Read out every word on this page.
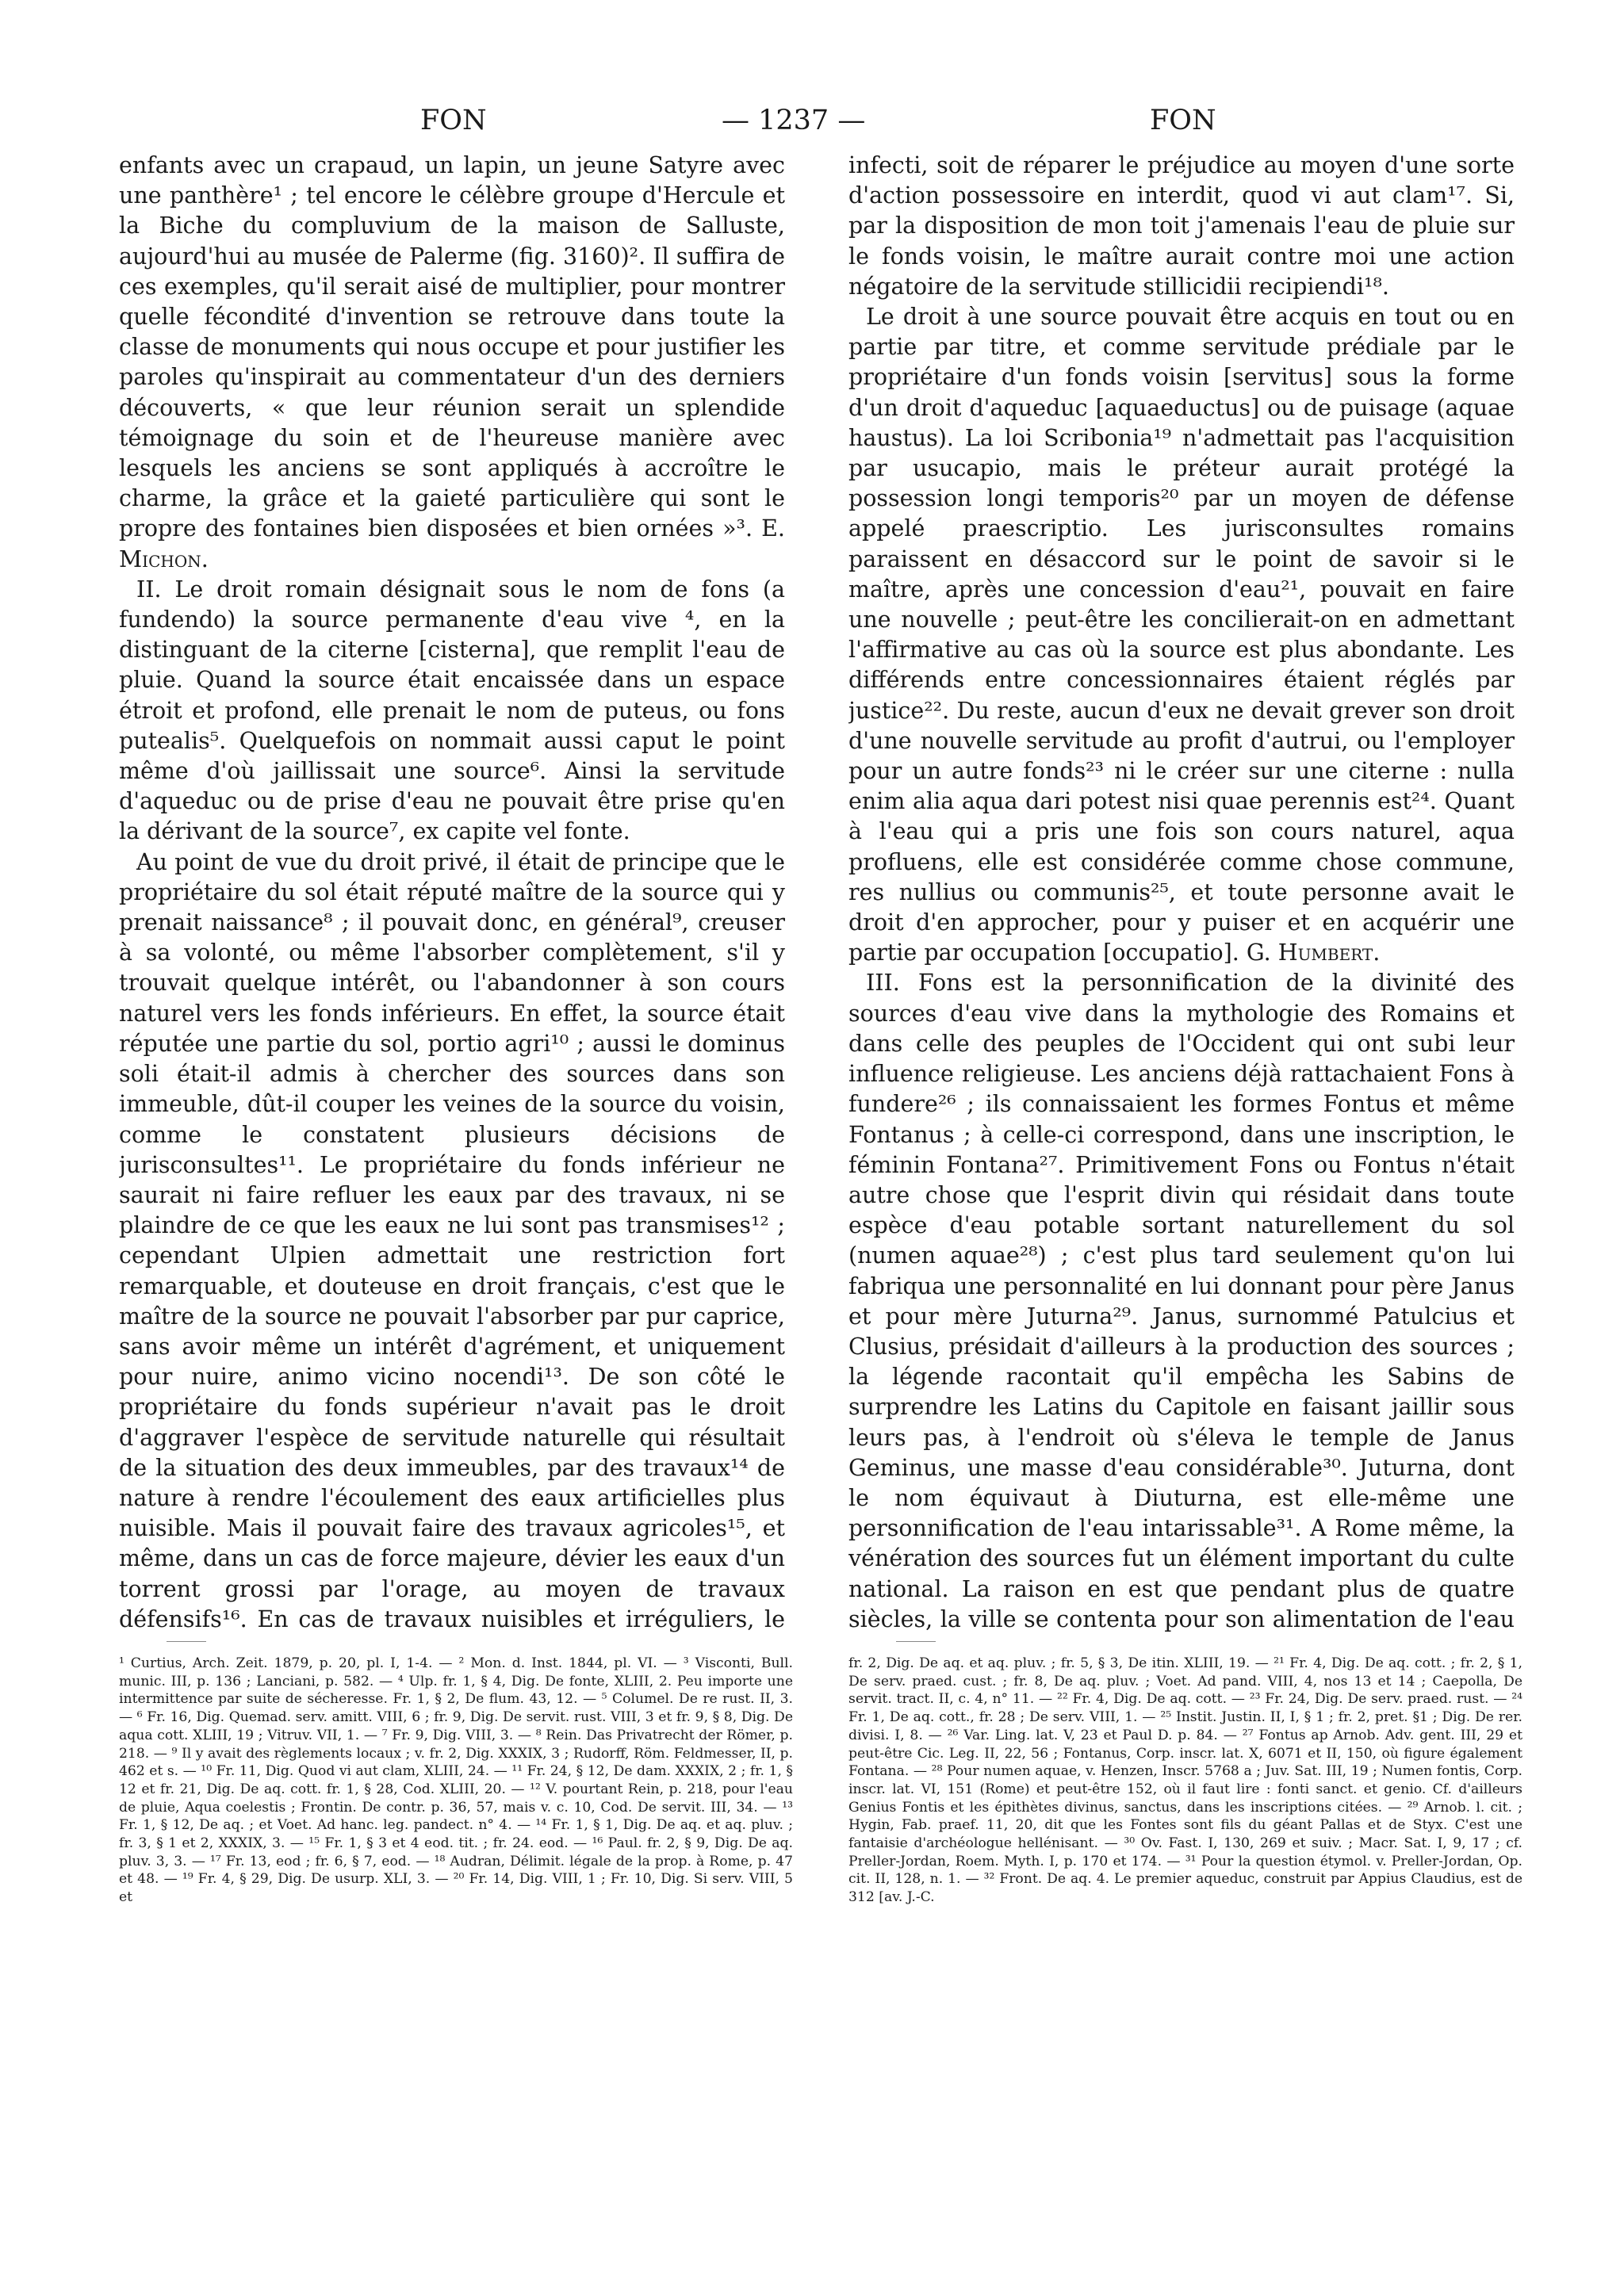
FON	— 1237 —	FON

enfants avec un crapaud, un lapin, un jeune Satyre avec une panthère¹ ; tel encore le célèbre groupe d'Hercule et la Biche du compluvium de la maison de Salluste, aujourd'hui au musée de Palerme (fig. 3160)². Il suffira de ces exemples, qu'il serait aisé de multiplier, pour montrer quelle fécondité d'invention se retrouve dans toute la classe de monuments qui nous occupe et pour justifier les paroles qu'inspirait au commentateur d'un des derniers découverts, « que leur réunion serait un splendide témoignage du soin et de l'heureuse manière avec lesquels les anciens se sont appliqués à accroître le charme, la grâce et la gaieté particulière qui sont le propre des fontaines bien disposées et bien ornées »³. E. Michon.

II. Le droit romain désignait sous le nom de fons (a fundendo) la source permanente d'eau vive ⁴, en la distinguant de la citerne [cisterna], que remplit l'eau de pluie. Quand la source était encaissée dans un espace étroit et profond, elle prenait le nom de puteus, ou fons putealis⁵. Quelquefois on nommait aussi caput le point même d'où jaillissait une source⁶. Ainsi la servitude d'aqueduc ou de prise d'eau ne pouvait être prise qu'en la dérivant de la source⁷, ex capite vel fonte.

Au point de vue du droit privé, il était de principe que le propriétaire du sol était réputé maître de la source qui y prenait naissance⁸ ; il pouvait donc, en général⁹, creuser à sa volonté, ou même l'absorber complètement, s'il y trouvait quelque intérêt, ou l'abandonner à son cours naturel vers les fonds inférieurs. En effet, la source était réputée une partie du sol, portio agri¹⁰ ; aussi le dominus soli était-il admis à chercher des sources dans son immeuble, dût-il couper les veines de la source du voisin, comme le constatent plusieurs décisions de jurisconsultes¹¹. Le propriétaire du fonds inférieur ne saurait ni faire refluer les eaux par des travaux, ni se plaindre de ce que les eaux ne lui sont pas transmises¹² ; cependant Ulpien admettait une restriction fort remarquable, et douteuse en droit français, c'est que le maître de la source ne pouvait l'absorber par pur caprice, sans avoir même un intérêt d'agrément, et uniquement pour nuire, animo vicino nocendi¹³. De son côté le propriétaire du fonds supérieur n'avait pas le droit d'aggraver l'espèce de servitude naturelle qui résultait de la situation des deux immeubles, par des travaux¹⁴ de nature à rendre l'écoulement des eaux artificielles plus nuisible. Mais il pouvait faire des travaux agricoles¹⁵, et même, dans un cas de force majeure, dévier les eaux d'un torrent grossi par l'orage, au moyen de travaux défensifs¹⁶. En cas de travaux nuisibles et irréguliers, le

infecti, soit de réparer le préjudice au moyen d'une sorte d'action possessoire en interdit, quod vi aut clam¹⁷. Si, par la disposition de mon toit j'amenais l'eau de pluie sur le fonds voisin, le maître aurait contre moi une action négatoire de la servitude stillicidii recipiendi¹⁸.

Le droit à une source pouvait être acquis en tout ou en partie par titre, et comme servitude prédiale par le propriétaire d'un fonds voisin [servitus] sous la forme d'un droit d'aqueduc [aquaeductus] ou de puisage (aquae haustus). La loi Scribonia¹⁹ n'admettait pas l'acquisition par usucapio, mais le préteur aurait protégé la possession longi temporis²⁰ par un moyen de défense appelé praescriptio. Les jurisconsultes romains paraissent en désaccord sur le point de savoir si le maître, après une concession d'eau²¹, pouvait en faire une nouvelle ; peut-être les concilierait-on en admettant l'affirmative au cas où la source est plus abondante. Les différends entre concessionnaires étaient réglés par justice²². Du reste, aucun d'eux ne devait grever son droit d'une nouvelle servitude au profit d'autrui, ou l'employer pour un autre fonds²³ ni le créer sur une citerne : nulla enim alia aqua dari potest nisi quae perennis est²⁴. Quant à l'eau qui a pris une fois son cours naturel, aqua profluens, elle est considérée comme chose commune, res nullius ou communis²⁵, et toute personne avait le droit d'en approcher, pour y puiser et en acquérir une partie par occupation [occupatio]. G. Humbert.

III. Fons est la personnification de la divinité des sources d'eau vive dans la mythologie des Romains et dans celle des peuples de l'Occident qui ont subi leur influence religieuse. Les anciens déjà rattachaient Fons à fundere²⁶ ; ils connaissaient les formes Fontus et même Fontanus ; à celle-ci correspond, dans une inscription, le féminin Fontana²⁷. Primitivement Fons ou Fontus n'était autre chose que l'esprit divin qui résidait dans toute espèce d'eau potable sortant naturellement du sol (numen aquae²⁸) ; c'est plus tard seulement qu'on lui fabriqua une personnalité en lui donnant pour père Janus et pour mère Juturna²⁹. Janus, surnommé Patulcius et Clusius, présidait d'ailleurs à la production des sources ; la légende racontait qu'il empêcha les Sabins de surprendre les Latins du Capitole en faisant jaillir sous leurs pas, à l'endroit où s'éleva le temple de Janus Geminus, une masse d'eau considérable³⁰. Juturna, dont le nom équivaut à Diuturna, est elle-même une personnification de l'eau intarissable³¹. A Rome même, la vénération des sources fut un élément important du culte national. La raison en est que pendant plus de quatre siècles, la ville se contenta pour son alimentation de l'eau

¹ Curtius, Arch. Zeit. 1879, p. 20, pl. I, 1-4. — ² Mon. d. Inst. 1844, pl. VI. — ³ Visconti, Bull. munic. III, p. 136 ; Lanciani, p. 582. — ⁴ Ulp. fr. 1, § 4, Dig. De fonte, XLIII, 2. Peu importe une intermittence par suite de sécheresse. Fr. 1, § 2, De flum. 43, 12. — ⁵ Columel. De re rust. II, 3. — ⁶ Fr. 16, Dig. Quemad. serv. amitt. VIII, 6 ; fr. 9, Dig. De servit. rust. VIII, 3 et fr. 9, § 8, Dig. De aqua cott. XLIII, 19 ; Vitruv. VII, 1. — ⁷ Fr. 9, Dig. VIII, 3. — ⁸ Rein. Das Privatrecht der Römer, p. 218. — ⁹ Il y avait des règlements locaux ; v. fr. 2, Dig. XXXIX, 3 ; Rudorff, Röm. Feldmesser, II, p. 462 et s. — ¹⁰ Fr. 11, Dig. Quod vi aut clam, XLIII, 24. — ¹¹ Fr. 24, § 12, De dam. XXXIX, 2 ; fr. 1, § 12 et fr. 21, Dig. De aq. cott. fr. 1, § 28, Cod. XLIII, 20. — ¹² V. pourtant Rein, p. 218, pour l'eau de pluie, Aqua coelestis ; Frontin. De contr. p. 36, 57, mais v. c. 10, Cod. De servit. III, 34. — ¹³ Fr. 1, § 12, De aq. ; et Voet. Ad hanc. leg. pandect. n° 4. — ¹⁴ Fr. 1, § 1, Dig. De aq. et aq. pluv. ; fr. 3, § 1 et 2, XXXIX, 3. — ¹⁵ Fr. 1, § 3 et 4 eod. tit. ; fr. 24. eod. — ¹⁶ Paul. fr. 2, § 9, Dig. De aq. pluv. 3, 3. — ¹⁷ Fr. 13, eod ; fr. 6, § 7, eod. — ¹⁸ Audran, Délimit. légale de la prop. à Rome, p. 47 et 48. — ¹⁹ Fr. 4, § 29, Dig. De usurp. XLI, 3. — ²⁰ Fr. 14, Dig. VIII, 1 ; Fr. 10, Dig. Si serv. VIII, 5 et

fr. 2, Dig. De aq. et aq. pluv. ; fr. 5, § 3, De itin. XLIII, 19. — ²¹ Fr. 4, Dig. De aq. cott. ; fr. 2, § 1, De serv. praed. cust. ; fr. 8, De aq. pluv. ; Voet. Ad pand. VIII, 4, nos 13 et 14 ; Caepolla, De servit. tract. II, c. 4, n° 11. — ²² Fr. 4, Dig. De aq. cott. — ²³ Fr. 24, Dig. De serv. praed. rust. — ²⁴ Fr. 1, De aq. cott., fr. 28 ; De serv. VIII, 1. — ²⁵ Instit. Justin. II, I, § 1 ; fr. 2, pret. §1 ; Dig. De rer. divisi. I, 8. — ²⁶ Var. Ling. lat. V, 23 et Paul D. p. 84. — ²⁷ Fontus ap Arnob. Adv. gent. III, 29 et peut-être Cic. Leg. II, 22, 56 ; Fontanus, Corp. inscr. lat. X, 6071 et II, 150, où figure également Fontana. — ²⁸ Pour numen aquae, v. Henzen, Inscr. 5768 a ; Juv. Sat. III, 19 ; Numen fontis, Corp. inscr. lat. VI, 151 (Rome) et peut-être 152, où il faut lire : fonti sanct. et genio. Cf. d'ailleurs Genius Fontis et les épithètes divinus, sanctus, dans les inscriptions citées. — ²⁹ Arnob. l. cit. ; Hygin, Fab. praef. 11, 20, dit que les Fontes sont fils du géant Pallas et de Styx. C'est une fantaisie d'archéologue hellénisant. — ³⁰ Ov. Fast. I, 130, 269 et suiv. ; Macr. Sat. I, 9, 17 ; cf. Preller-Jordan, Roem. Myth. I, p. 170 et 174. — ³¹ Pour la question étymol. v. Preller-Jordan, Op. cit. II, 128, n. 1. — ³² Front. De aq. 4. Le premier aqueduc, construit par Appius Claudius, est de 312 [av. J.-C.
